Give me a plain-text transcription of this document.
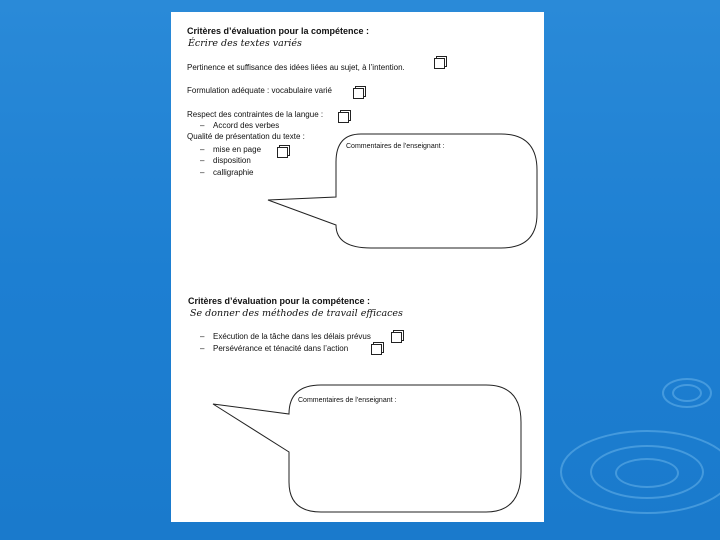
Critères d’évaluation pour la compétence :
Écrire des textes variés
Pertinence et suffisance des idées liées au sujet, à l’intention.
Formulation adéquate : vocabulaire varié
Respect des contraintes de la langue :
– Accord des verbes
Qualité de présentation du texte :
– mise en page
– disposition
– calligraphie
Commentaires de l’enseignant :
Critères d’évaluation pour la compétence :
Se donner des méthodes de travail efficaces
– Exécution de la tâche dans les délais prévus
– Persévérance et ténacité dans l’action
Commentaires de l’enseignant :
